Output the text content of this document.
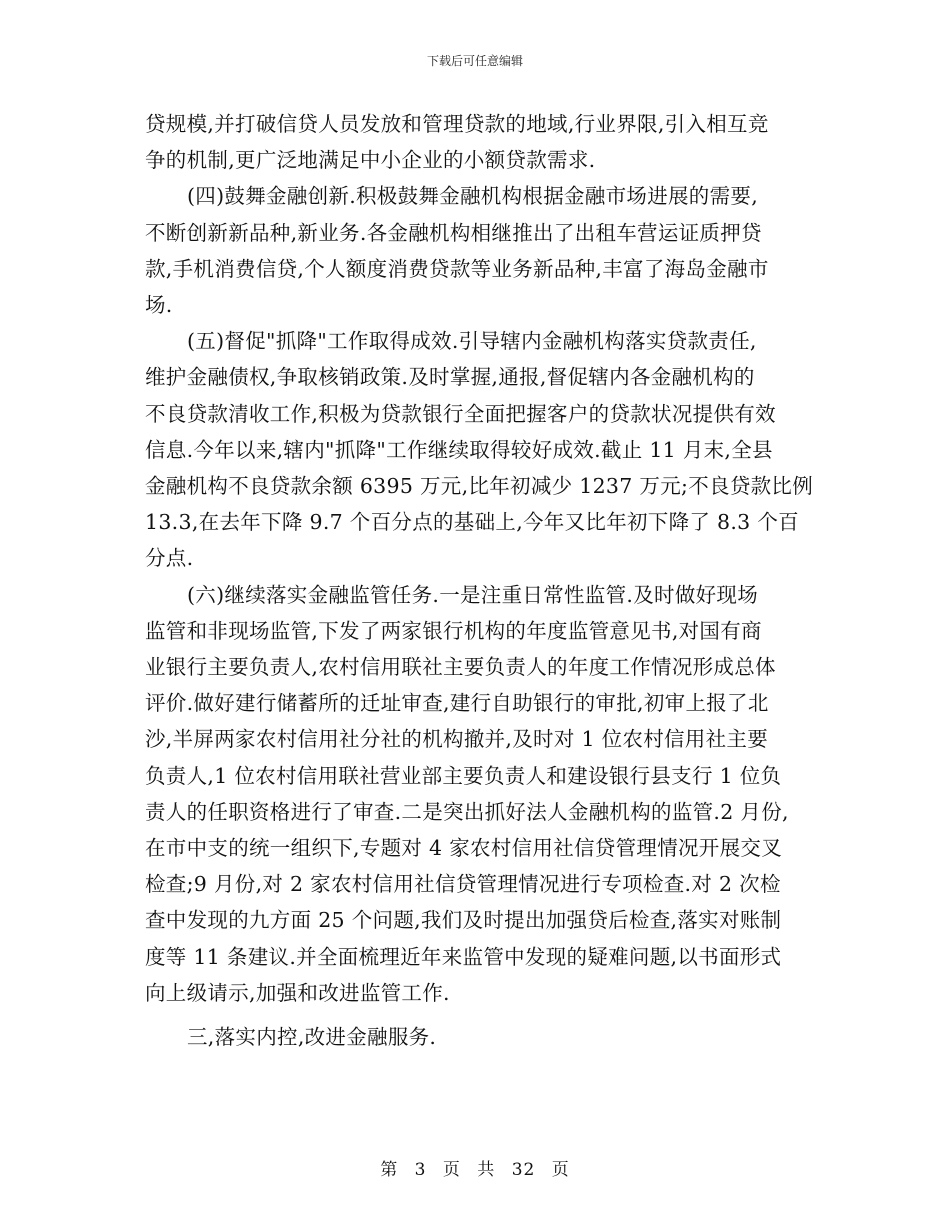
下载后可任意编辑

贷规模,并打破信贷人员发放和管理贷款的地域,行业界限,引入相互竞
争的机制,更广泛地满足中小企业的小额贷款需求.

(四)鼓舞金融创新.积极鼓舞金融机构根据金融市场进展的需要,
不断创新新品种,新业务.各金融机构相继推出了出租车营运证质押贷
款,手机消费信贷,个人额度消费贷款等业务新品种,丰富了海岛金融市
场.

(五)督促"抓降"工作取得成效.引导辖内金融机构落实贷款责任,
维护金融债权,争取核销政策.及时掌握,通报,督促辖内各金融机构的
不良贷款清收工作,积极为贷款银行全面把握客户的贷款状况提供有效
信息.今年以来,辖内"抓降"工作继续取得较好成效.截止 11 月末,全县
金融机构不良贷款余额 6395 万元,比年初减少 1237 万元;不良贷款比例
13.3,在去年下降 9.7 个百分点的基础上,今年又比年初下降了 8.3 个百
分点.

(六)继续落实金融监管任务.一是注重日常性监管.及时做好现场
监管和非现场监管,下发了两家银行机构的年度监管意见书,对国有商
业银行主要负责人,农村信用联社主要负责人的年度工作情况形成总体
评价.做好建行储蓄所的迁址审查,建行自助银行的审批,初审上报了北
沙,半屏两家农村信用社分社的机构撤并,及时对 1 位农村信用社主要
负责人,1 位农村信用联社营业部主要负责人和建设银行县支行 1 位负
责人的任职资格进行了审查.二是突出抓好法人金融机构的监管.2 月份,
在市中支的统一组织下,专题对 4 家农村信用社信贷管理情况开展交叉
检查;9 月份,对 2 家农村信用社信贷管理情况进行专项检查.对 2 次检
查中发现的九方面 25 个问题,我们及时提出加强贷后检查,落实对账制
度等 11 条建议.并全面梳理近年来监管中发现的疑难问题,以书面形式
向上级请示,加强和改进监管工作.

三,落实内控,改进金融服务.

第 3 页 共 32 页
